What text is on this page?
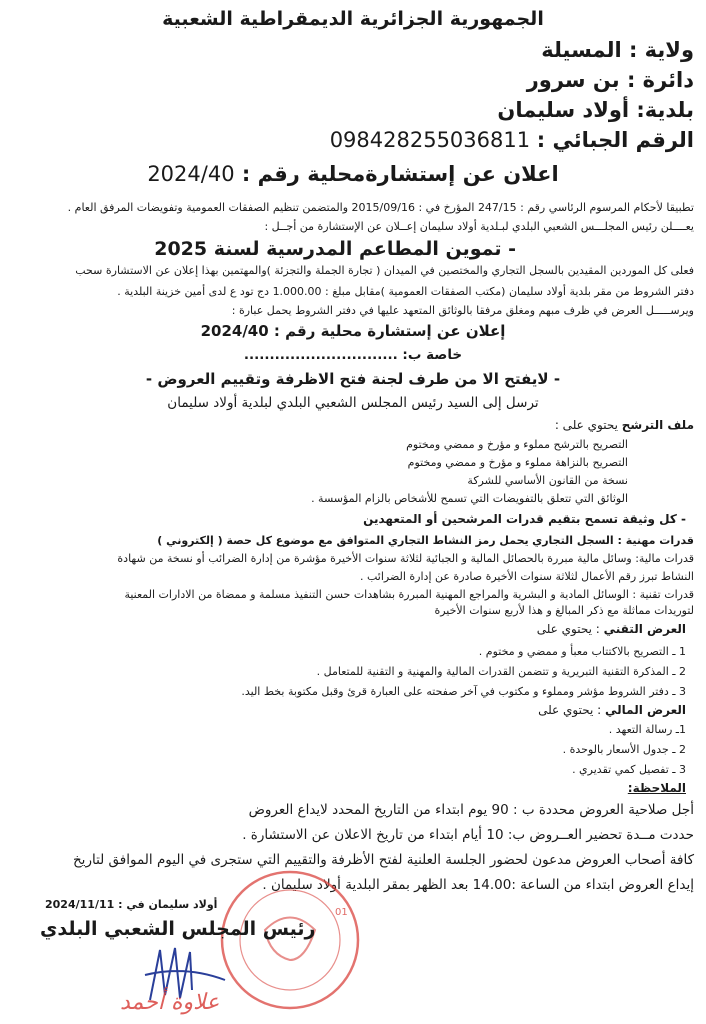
الجمهورية الجزائرية الديمقراطية الشعبية
ولاية : المسيلة
دائرة : بن سرور
بلدية: أولاد سليمان
الرقم الجبائي : 098428255036811
اعلان عن إستشارةمحلية رقم : 2024/40
تطبيقا لأحكام المرسوم الرئاسي رقم : 247/15 المؤرخ في : 2015/09/16 والمتضمن تنظيم الصفقات العمومية وتفويضات المرفق العام .
يعــــلن رئيس المجلـــس الشعبي البلدي لبـلدية أولاد سليمان إعــلان عن الإستشارة من أجــل :
- تموين المطاعم المدرسية لسنة 2025
فعلى كل الموردين المقيدين بالسجل التجاري والمختصين في الميدان ( تجارة الجملة والتجزئة )والمهتمين بهذا إعلان عن الاستشارة سحب
دفتر الشروط من مقر بلدية أولاد سليمان (مكتب الصفقات العمومية )مقابل مبلغ : 1.000.00 دج تود ع لدى أمين خزينة البلدية .
ويرســـــل العرض في ظرف مبهم ومغلق مرفقا بالوثائق المتعهد عليها في دفتر الشروط يحمل عبارة :
إعلان عن إستشارة محلية رقم : 2024/40
خاصة ب: ..............................
- لايفتح الا من طرف لجنة فتح الاظرفة وتقييم العروض -
ترسل إلى السيد رئيس المجلس الشعبي البلدي لبلدية أولاد سليمان
ملف الترشح يحتوي على :
التصريح بالترشح مملوء و مؤرخ و ممضي ومختوم
التصريح بالنزاهة مملوء و مؤرخ و ممضي ومختوم
نسخة من القانون الأساسي للشركة
الوثائق التي تتعلق بالتفويضات التي تسمح للأشخاص بالزام المؤسسة .
- كل وثيقة تسمح بتقيم قدرات المرشحين أو المتعهدين
قدرات مهنية : السجل التجاري يحمل رمز النشاط التجاري المتوافق مع موضوع كل حصة ( إلكتروني )
قدرات مالية: وسائل مالية مبررة بالحصائل المالية و الجبائية لثلاثة سنوات الأخيرة مؤشرة من إدارة الضرائب أو نسخة من شهادة
النشاط تبرز رقم الأعمال لثلاثة سنوات الأخيرة صادرة عن إدارة الضرائب .
قدرات تقنية : الوسائل المادية و البشرية والمراجع المهنية المبررة بشاهدات حسن التنفيذ مسلمة و ممضاة من الادارات المعنية
لتوريدات مماثلة مع ذكر المبالغ و هذا لأربع سنوات الأخيرة
العرض التقني : يحتوي على
1 ـ التصريح بالاكتتاب معبأ و ممضي و مختوم .
2 ـ المذكرة التقنية التبريرية و تتضمن القدرات المالية والمهنية و التقنية للمتعامل .
3 ـ دفتر الشروط مؤشر ومملوء و مكتوب في آخر صفحته على العبارة قرئ وقبل مكتوبة بخط اليد.
العرض المالي : يحتوي على
1ـ رسالة التعهد .
2 ـ جدول الأسعار بالوحدة .
3 ـ تفصيل كمي تقديري .
الملاحظة:
أجل صلاحية العروض محددة ب : 90 يوم ابتداء من التاريخ المحدد لايداع العروض
حددت مــدة تحضير العــروض ب: 10 أيام ابتداء من تاريخ الاعلان عن الاستشارة .
كافة أصحاب العروض مدعون لحضور الجلسة العلنية لفتح الأظرفة والتقييم التي ستجرى في اليوم الموافق لتاريخ
إيداع العروض ابتداء من الساعة :14.00 بعد الظهر بمقر البلدية أولاد سليمان .
01
أولاد سليمان في : 2024/11/11
رئيس المجلس الشعبي البلدي
علاوة أحمد
